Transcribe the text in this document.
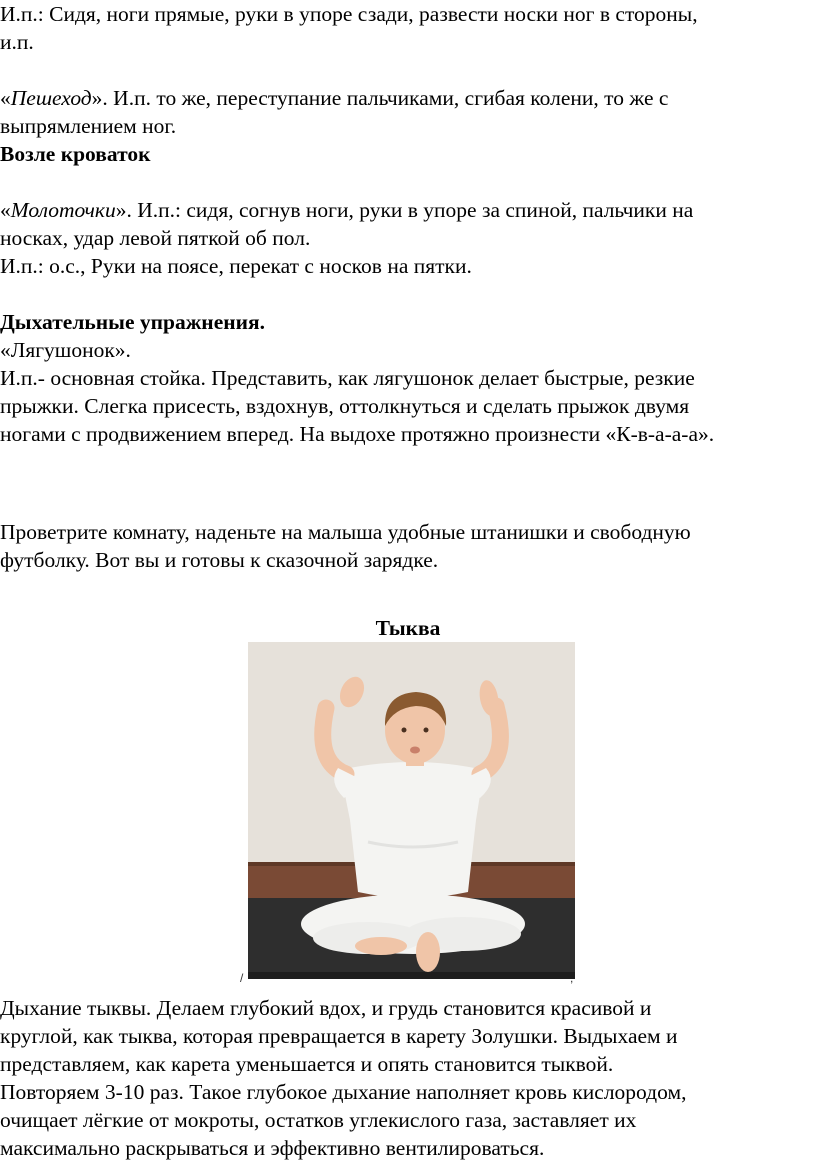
И.п.: Сидя, ноги прямые, руки в упоре сзади, развести носки ног в стороны,

и.п.

«Пешеход». И.п. то же, переступание пальчиками, сгибая колени, то же с

выпрямлением ног.

Возле кроваток

«Молоточки». И.п.: сидя, согнув ноги, руки в упоре за спиной, пальчики на

носках, удар левой пяткой об пол.

И.п.: о.с., Руки на поясе, перекат с носков на пятки.

Дыхательные упражнения.

«Лягушонок».

И.п.- основная стойка. Представить, как лягушонок делает быстрые, резкие

прыжки. Слегка присесть, вздохнув, оттолкнуться и сделать прыжок двумя

ногами с продвижением вперед. На выдохе протяжно произнести «К-в-а-а-а».

Проветрите комнату, наденьте на малыша удобные штанишки и свободную

футболку. Вот вы и готовы к сказочной зарядке.

Тыква

/	,

Дыхание тыквы. Делаем глубокий вдох, и грудь становится красивой и

круглой, как тыква, которая превращается в карету Золушки. Выдыхаем и

представляем, как карета уменьшается и опять становится тыквой.

Повторяем 3-10 раз. Такое глубокое дыхание наполняет кровь кислородом,

очищает лёгкие от мокроты, остатков углекислого газа, заставляет их

максимально раскрываться и эффективно вентилироваться.
